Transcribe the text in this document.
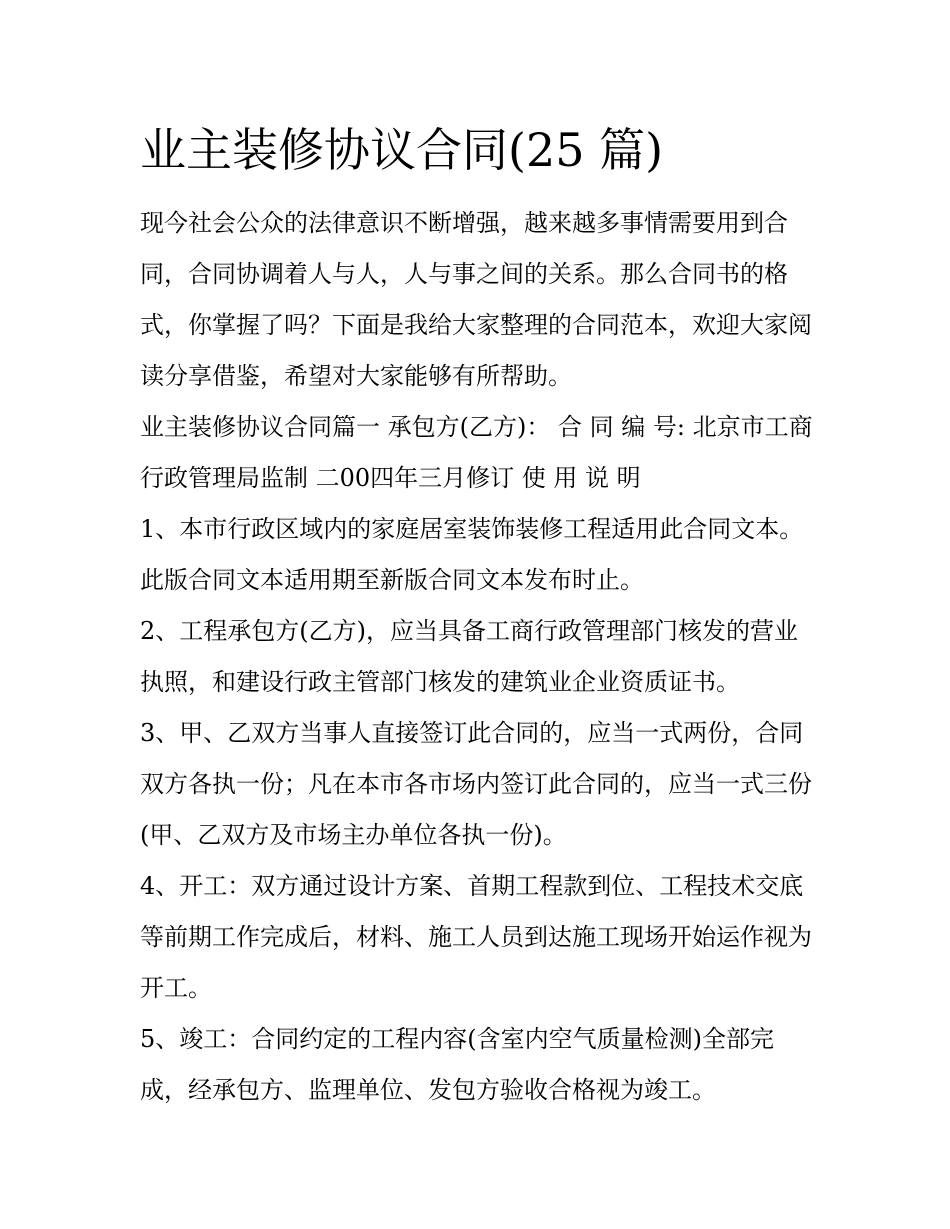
业主装修协议合同(25 篇)

现今社会公众的法律意识不断增强，越来越多事情需要用到合同，合同协调着人与人，人与事之间的关系。那么合同书的格式，你掌握了吗？下面是我给大家整理的合同范本，欢迎大家阅读分享借鉴，希望对大家能够有所帮助。

业主装修协议合同篇一 承包方(乙方)： 合 同 编 号: 北京市工商行政管理局监制 二00四年三月修订 使 用 说 明

1、本市行政区域内的家庭居室装饰装修工程适用此合同文本。此版合同文本适用期至新版合同文本发布时止。

2、工程承包方(乙方)，应当具备工商行政管理部门核发的营业执照，和建设行政主管部门核发的建筑业企业资质证书。

3、甲、乙双方当事人直接签订此合同的，应当一式两份，合同双方各执一份；凡在本市各市场内签订此合同的，应当一式三份(甲、乙双方及市场主办单位各执一份)。

4、开工：双方通过设计方案、首期工程款到位、工程技术交底等前期工作完成后，材料、施工人员到达施工现场开始运作视为开工。

5、竣工：合同约定的工程内容(含室内空气质量检测)全部完成，经承包方、监理单位、发包方验收合格视为竣工。
